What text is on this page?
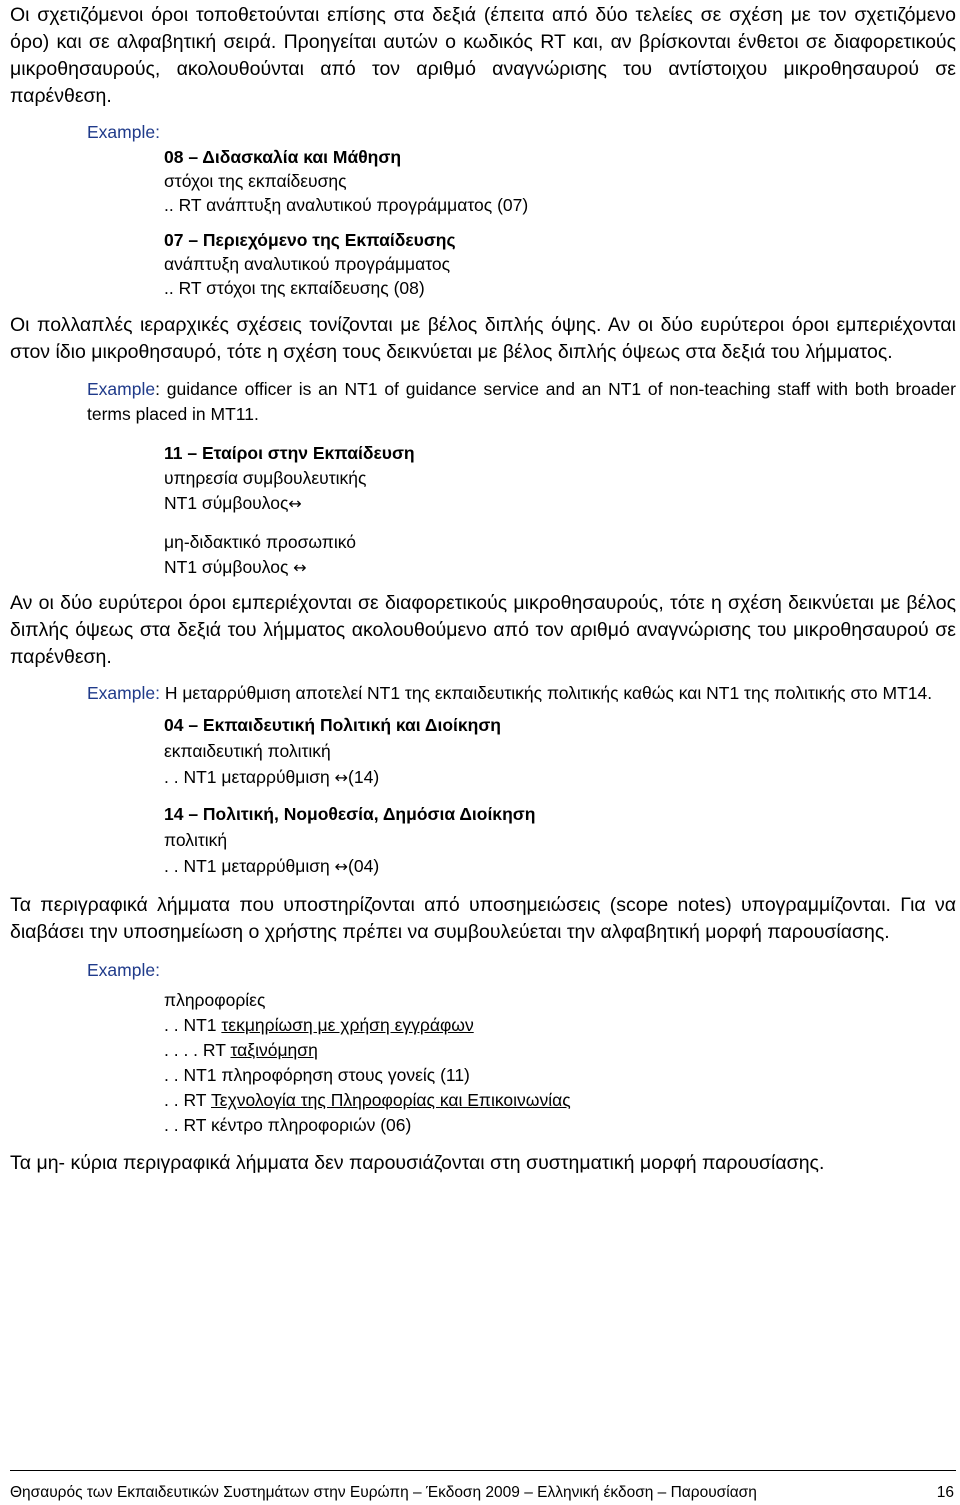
Οι σχετιζόμενοι όροι τοποθετούνται επίσης στα δεξιά (έπειτα από δύο τελείες σε σχέση με τον σχετιζόμενο όρο) και σε αλφαβητική σειρά. Προηγείται αυτών ο κωδικός RT και, αν βρίσκονται ένθετοι σε διαφορετικούς μικροθησαυρούς, ακολουθούνται από τον αριθμό αναγνώρισης του αντίστοιχου μικροθησαυρού σε παρένθεση.

Example:

08 – Διδασκαλία και Μάθηση

στόχοι της εκπαίδευσης

.. RT ανάπτυξη αναλυτικού προγράμματος (07)

07 – Περιεχόμενο της Εκπαίδευσης

ανάπτυξη αναλυτικού προγράμματος

.. RT στόχοι της εκπαίδευσης (08)

Οι πολλαπλές ιεραρχικές σχέσεις τονίζονται με βέλος διπλής όψης. Αν οι δύο ευρύτεροι όροι εμπεριέχονται στον ίδιο μικροθησαυρό, τότε η σχέση τους δεικνύεται με βέλος διπλής όψεως στα δεξιά του λήμματος.

Example: guidance officer is an NT1 of guidance service and an NT1 of non-teaching staff with both broader terms placed in MT11.

11 – Εταίροι στην Εκπαίδευση

υπηρεσία συμβουλευτικής

NT1 σύμβουλος↔

μη-διδακτικό προσωπικό

NT1 σύμβουλος ↔

Αν οι δύο ευρύτεροι όροι εμπεριέχονται σε διαφορετικούς μικροθησαυρούς, τότε η σχέση δεικνύεται με βέλος διπλής όψεως στα δεξιά του λήμματος ακολουθούμενο από τον αριθμό αναγνώρισης του μικροθησαυρού σε παρένθεση.

Example: Η μεταρρύθμιση αποτελεί NT1 της εκπαιδευτικής πολιτικής καθώς και NT1 της πολιτικής στο MT14.

04 – Εκπαιδευτική Πολιτική και Διοίκηση

εκπαιδευτική πολιτική

. . NT1 μεταρρύθμιση ↔(14)

14 – Πολιτική, Νομοθεσία, Δημόσια Διοίκηση

πολιτική

. . NT1 μεταρρύθμιση ↔(04)

Τα περιγραφικά λήμματα που υποστηρίζονται από υποσημειώσεις (scope notes) υπογραμμίζονται. Για να διαβάσει την υποσημείωση ο χρήστης πρέπει να συμβουλεύεται την αλφαβητική μορφή παρουσίασης.

Example:

πληροφορίες

. . NT1 τεκμηρίωση με χρήση εγγράφων

. . . . RT ταξινόμηση

. . NT1 πληροφόρηση στους γονείς (11)

. . RT Τεχνολογία της Πληροφορίας και Επικοινωνίας

. . RT κέντρο πληροφοριών (06)

Τα μη- κύρια περιγραφικά λήμματα δεν παρουσιάζονται στη συστηματική μορφή παρουσίασης.

Θησαυρός των Εκπαιδευτικών Συστημάτων στην Ευρώπη – Έκδοση 2009 – Ελληνική έκδοση – Παρουσίαση	16
